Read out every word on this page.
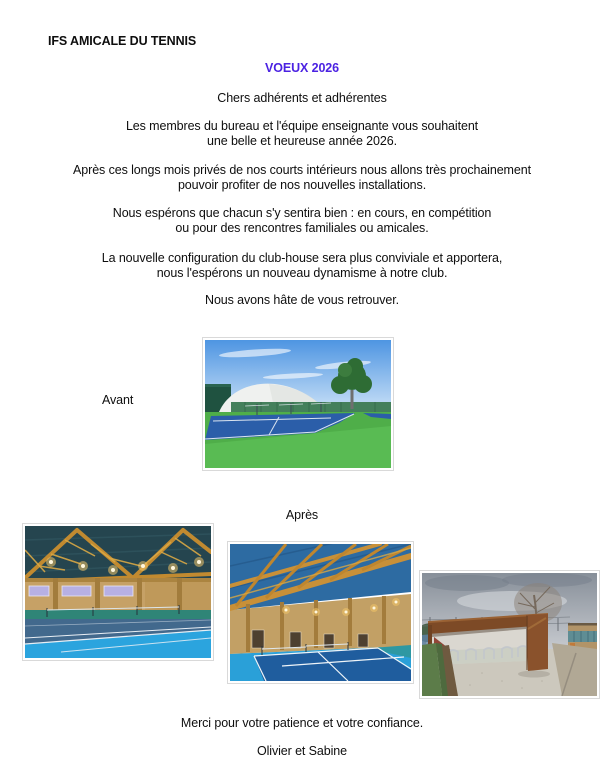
IFS AMICALE DU TENNIS
VOEUX 2026
Chers adhérents et adhérentes

Les membres du bureau et l'équipe enseignante vous souhaitent
une belle et heureuse année 2026.

Après ces longs mois privés de nos courts intérieurs nous allons très prochainement
pouvoir profiter de nos nouvelles installations.

Nous espérons que chacun s'y sentira bien : en cours, en compétition
ou pour des rencontres familiales ou amicales.

La nouvelle configuration du club-house sera plus conviviale et apportera,
nous l'espérons un nouveau dynamisme à notre club.

Nous avons hâte de vous retrouver.
Avant
Après
Merci pour votre patience et votre confiance.
Olivier et Sabine
